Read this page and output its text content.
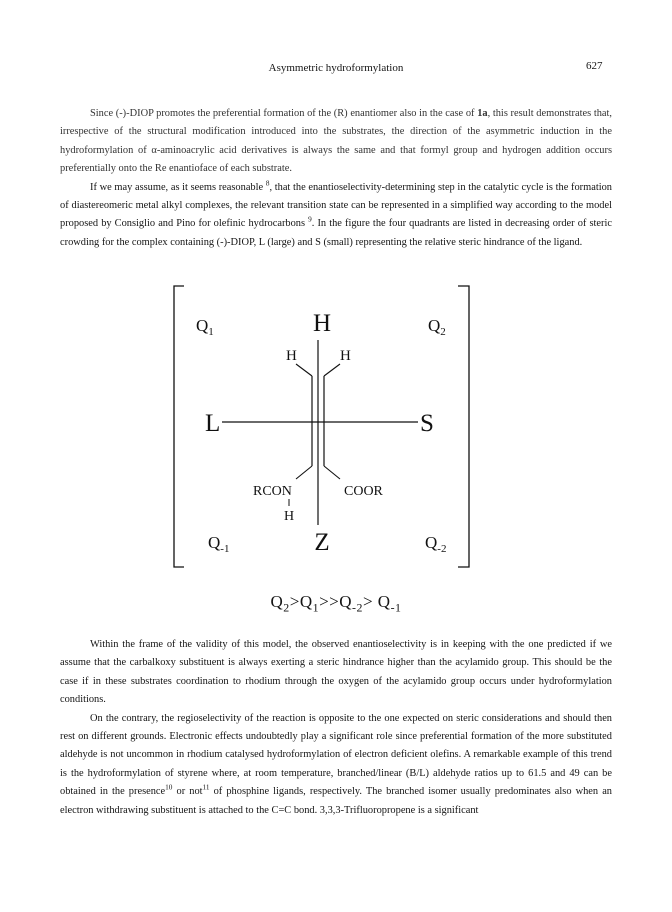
Asymmetric hydroformylation	627

Since (-)-DIOP promotes the preferential formation of the (R) enantiomer also in the case of 1a, this result demonstrates that, irrespective of the structural modification introduced into the substrates, the direction of the asymmetric induction in the hydroformylation of α-aminoacrylic acid derivatives is always the same and that formyl group and hydrogen addition occurs preferentially onto the Re enantioface of each substrate.

If we may assume, as it seems reasonable $^8$, that the enantioselectivity-determining step in the catalytic cycle is the formation of diastereomeric metal alkyl complexes, the relevant transition state can be represented in a simplified way according to the model proposed by Consiglio and Pino for olefinic hydrocarbons $^9$. In the figure the four quadrants are listed in decreasing order of steric crowding for the complex containing (-)-DIOP, L (large) and S (small) representing the relative steric hindrance of the ligand.

$Q_1$	$Q_2$
$Q_{-1}$	$Q_{-2}$
H
Z
L	S
H	H
RCON
H
COOR
$Q_2>Q_1>>Q_{-2}> Q_{-1}$

Within the frame of the validity of this model, the observed enantioselectivity is in keeping with the one predicted if we assume that the carbalkoxy substituent is always exerting a steric hindrance higher than the acylamido group. This should be the case if in these substrates coordination to rhodium through the oxygen of the acylamido group occurs under hydroformylation conditions.

On the contrary, the regioselectivity of the reaction is opposite to the one expected on steric considerations and should then rest on different grounds. Electronic effects undoubtedly play a significant role since preferential formation of the more substituted aldehyde is not uncommon in rhodium catalysed hydroformylation of electron deficient olefins. A remarkable example of this trend is the hydroformylation of styrene where, at room temperature, branched/linear (B/L) aldehyde ratios up to 61.5 and 49 can be obtained in the presence$^{10}$ or not$^{11}$ of phosphine ligands, respectively. The branched isomer usually predominates also when an electron withdrawing substituent is attached to the C=C bond. 3,3,3-Trifluoropropene is a significant
